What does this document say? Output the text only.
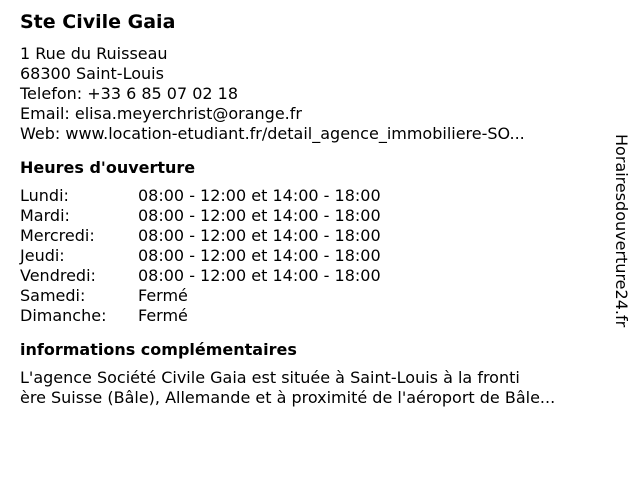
Ste Civile Gaia
1 Rue du Ruisseau
68300 Saint-Louis
Telefon: +33 6 85 07 02 18
Email: elisa.meyerchrist@orange.fr
Web: www.location-etudiant.fr/detail_agence_immobiliere-SO...
Heures d'ouverture
Lundi:	08:00 - 12:00 et 14:00 - 18:00
Mardi:	08:00 - 12:00 et 14:00 - 18:00
Mercredi:	08:00 - 12:00 et 14:00 - 18:00
Jeudi:	08:00 - 12:00 et 14:00 - 18:00
Vendredi:	08:00 - 12:00 et 14:00 - 18:00
Samedi:	Fermé
Dimanche:	Fermé
informations complémentaires
L'agence Société Civile Gaia est située à Saint-Louis à la fronti
ère Suisse (Bâle), Allemande et à proximité de l'aéroport de Bâle...
Horairesdouverture24.fr
